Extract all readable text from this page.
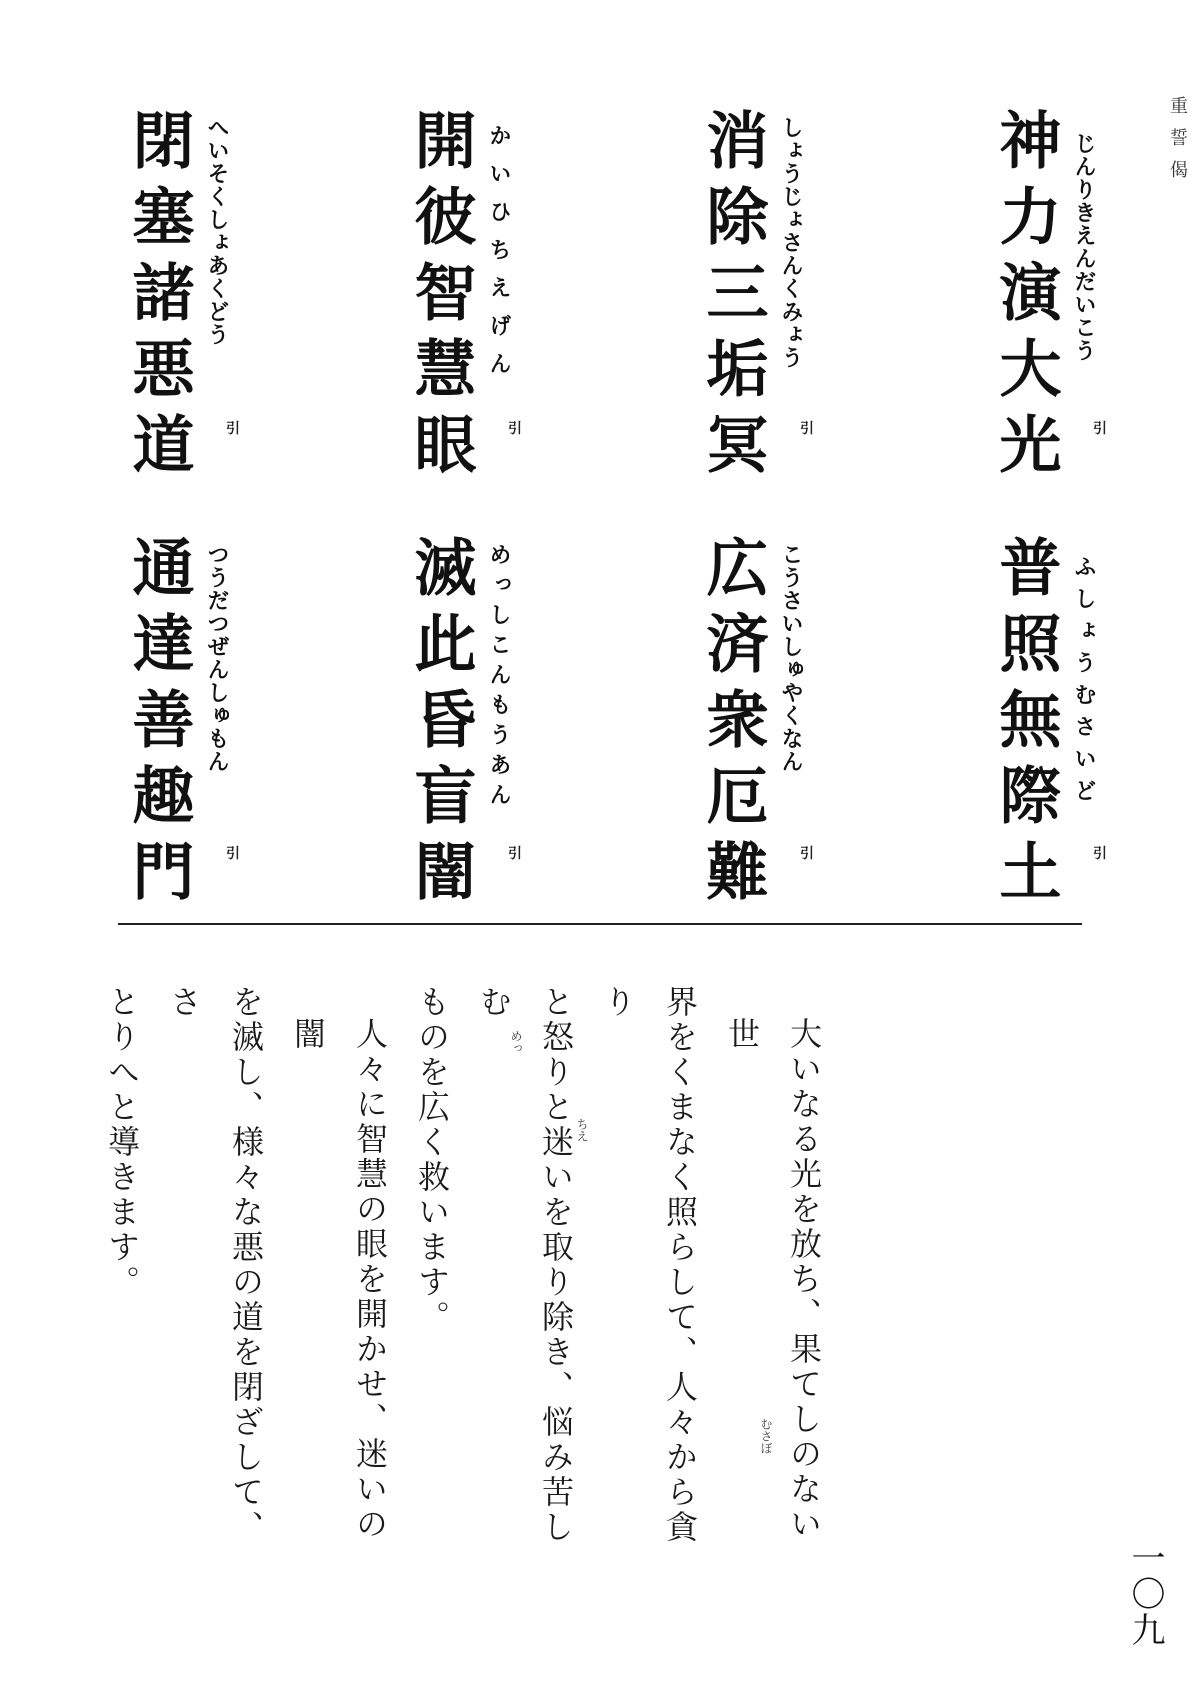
重誓偈
神力演大光 じんりきえんだいこう
引
消除三垢冥 しょうじょさんくみょう
引
開彼智慧眼 かいひちえげん
引
閉塞諸悪道 へいそくしょあくどう
引
普照無際土 ふしょうむさいど
引
広済衆厄難 こうさいしゅやくなん
引
滅此昏盲闇 めっしこんもうあん
引
通達善趣門 つうだつぜんしゅもん
引

大いなる光を放ち、果てしのない世

界をくまなく照らして、人々から貪り

と怒りと迷いを取り除き、悩み苦しむ

ものを広く救います。

人々に智慧の眼を開かせ、迷いの闇

を滅し、様々な悪の道を閉ざして、さ

とりへと導きます。

むさぼ
ちえ
めっ
一〇九
